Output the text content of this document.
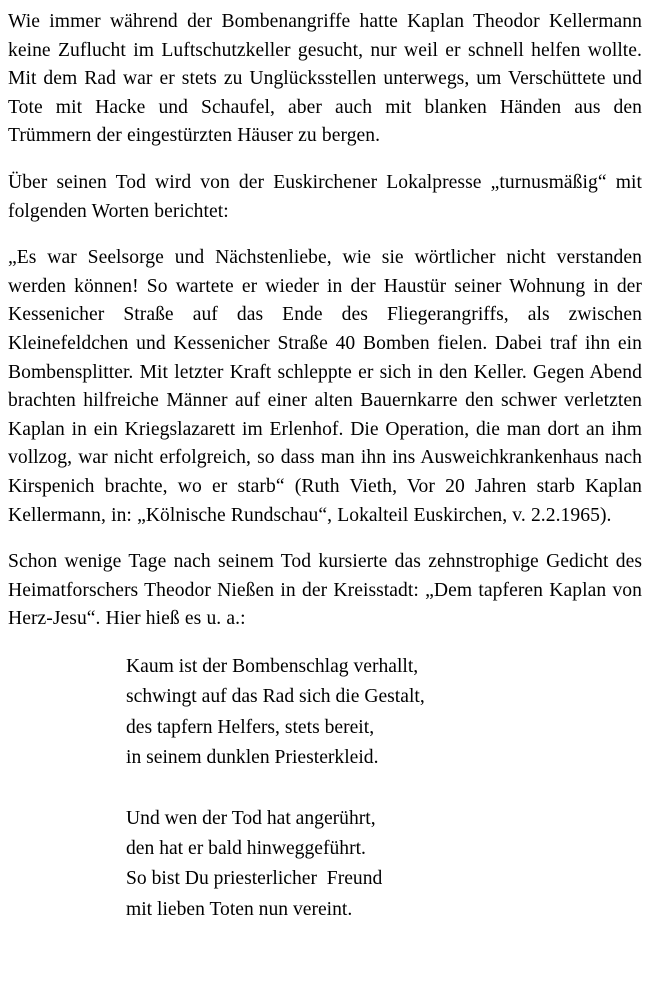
Wie immer während der Bombenangriffe hatte Kaplan Theodor Kellermann keine Zuflucht im Luftschutzkeller gesucht, nur weil er schnell helfen wollte. Mit dem Rad war er stets zu Unglücksstellen unterwegs, um Verschüttete und Tote mit Hacke und Schaufel, aber auch mit blanken Händen aus den Trümmern der eingestürzten Häuser zu bergen.

Über seinen Tod wird von der Euskirchener Lokalpresse „turnusmäßig“ mit folgenden Worten berichtet:

„Es war Seelsorge und Nächstenliebe, wie sie wörtlicher nicht verstanden werden können! So wartete er wieder in der Haustür seiner Wohnung in der Kessenicher Straße auf das Ende des Fliegerangriffs, als zwischen Kleinefeldchen und Kessenicher Straße 40 Bomben fielen. Dabei traf ihn ein Bombensplitter. Mit letzter Kraft schleppte er sich in den Keller. Gegen Abend brachten hilfreiche Männer auf einer alten Bauernkarre den schwer verletzten Kaplan in ein Kriegslazarett im Erlenhof. Die Operation, die man dort an ihm vollzog, war nicht erfolgreich, so dass man ihn ins Ausweichkrankenhaus nach Kirspenich brachte, wo er starb“ (Ruth Vieth, Vor 20 Jahren starb Kaplan Kellermann, in: „Kölnische Rundschau“, Lokalteil Euskirchen, v. 2.2.1965).

Schon wenige Tage nach seinem Tod kursierte das zehnstrophige Gedicht des Heimatforschers Theodor Nießen in der Kreisstadt: „Dem tapferen Kaplan von Herz-Jesu“. Hier hieß es u. a.:

Kaum ist der Bombenschlag verhallt,
schwingt auf das Rad sich die Gestalt,
des tapfern Helfers, stets bereit,
in seinem dunklen Priesterkleid.
Und wen der Tod hat angerührt,
den hat er bald hinweggeführt.
So bist Du priesterlicher  Freund
mit lieben Toten nun vereint.
